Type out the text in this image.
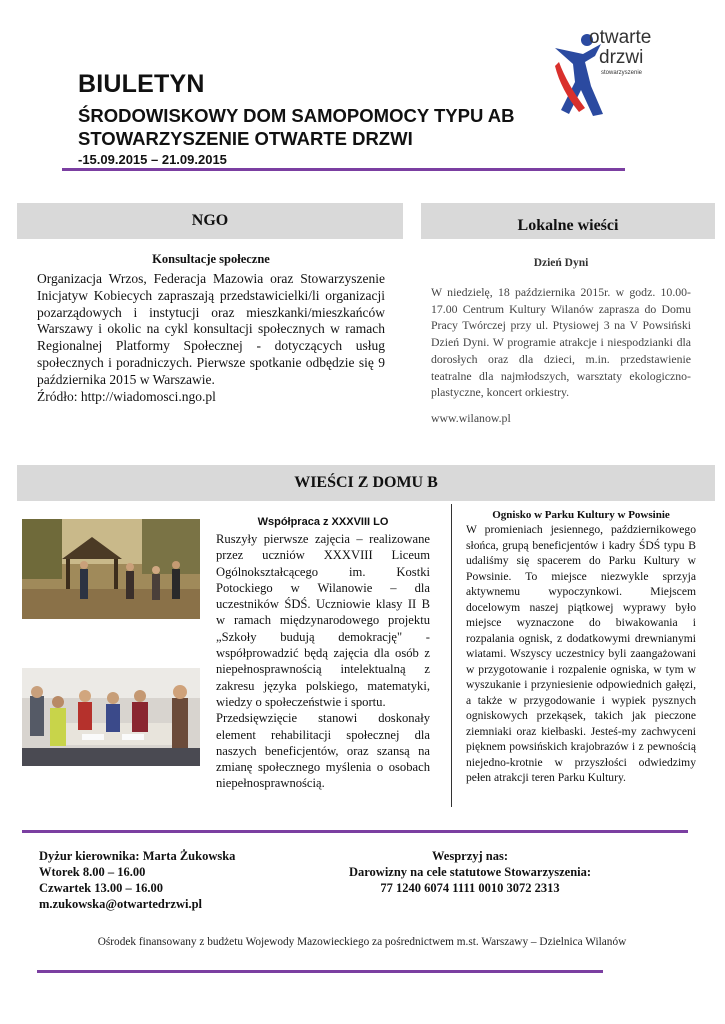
BIULETYN
ŚRODOWISKOWY DOM SAMOPOMOCY TYPU AB
STOWARZYSZENIE OTWARTE DRZWI
-15.09.2015 – 21.09.2015
otwarte
drzwi
stowarzyszenie
NGO
Konsultacje społeczne

Organizacja Wrzos, Federacja Mazowia oraz Stowarzyszenie Inicjatyw Kobiecych zapraszają przedstawicielki/li organizacji pozarządowych i instytucji oraz mieszkanki/mieszkańców Warszawy i okolic na cykl konsultacji społecznych w ramach Regionalnej Platformy Społecznej - dotyczących usług społecznych i poradniczych. Pierwsze spotkanie odbędzie się 9 października 2015 w Warszawie.

Źródło: http://wiadomosci.ngo.pl

Lokalne wieści
Dzień Dyni

W niedzielę, 18 października 2015r. w godz. 10.00-17.00 Centrum Kultury Wilanów zaprasza do Domu Pracy Twórczej przy ul. Ptysiowej 3 na V Powsiński Dzień Dyni. W programie atrakcje i niespodzianki dla dorosłych oraz dla dzieci, m.in. przedstawienie teatralne dla najmłodszych, warsztaty ekologiczno-plastyczne, koncert orkiestry.

www.wilanow.pl

WIEŚCI Z DOMU B
Współpraca z XXXVIII LO

Ruszyły pierwsze zajęcia – realizowane przez uczniów XXXVIII Liceum Ogólnokształcącego im. Kostki Potockiego w Wilanowie – dla uczestników ŚDŚ. Uczniowie klasy II B w ramach międzynarodowego projektu „Szkoły budują demokrację" - współprowadzić będą zajęcia dla osób z niepełnosprawnością intelektualną z zakresu języka polskiego, matematyki, wiedzy o społeczeństwie i sportu.

Przedsięwzięcie stanowi doskonały element rehabilitacji społecznej dla naszych beneficjentów, oraz szansą na zmianę społecznego myślenia o osobach niepełnosprawnością.

Ognisko w Parku Kultury w Powsinie

W promieniach jesiennego, październikowego słońca, grupą beneficjentów i kadry ŚDŚ typu B udaliśmy się spacerem do Parku Kultury w Powsinie. To miejsce niezwykle sprzyja aktywnemu wypoczynkowi. Miejscem docelowym naszej piątkowej wyprawy było miejsce wyznaczone do biwakowania i rozpalania ognisk, z dodatkowymi drewnianymi wiatami. Wszyscy uczestnicy byli zaangażowani w przygotowanie i rozpalenie ogniska, w tym w wyszukanie i przyniesienie odpowiednich gałęzi, a także w przygodowanie i wypiek pysznych ogniskowych przekąsek, takich jak pieczone ziemniaki oraz kiełbaski. Jesteś-my zachwyceni pięknem powsińskich krajobrazów i z pewnością niejedno-krotnie w przyszłości odwiedzimy pełen atrakcji teren Parku Kultury.

Dyżur kierownika: Marta Żukowska
Wtorek 8.00 – 16.00
Czwartek 13.00 – 16.00
m.zukowska@otwartedrzwi.pl
Wesprzyj nas:
Darowizny na cele statutowe Stowarzyszenia:
77 1240 6074 1111 0010 3072 2313
Ośrodek finansowany z budżetu Wojewody Mazowieckiego za pośrednictwem m.st. Warszawy – Dzielnica Wilanów
